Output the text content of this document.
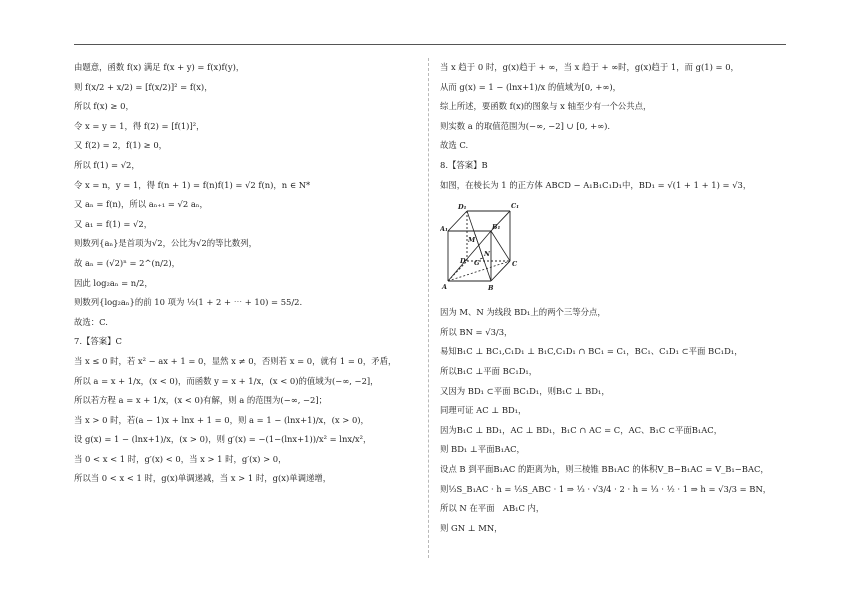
由题意，函数 f(x) 满足 f(x + y) = f(x)f(y)，

则 f(x/2 + x/2) = [f(x/2)]² = f(x)，

所以 f(x) ≥ 0，

令 x = y = 1，得 f(2) = [f(1)]²，

又 f(2) = 2，f(1) ≥ 0，

所以 f(1) = √2，

令 x = n，y = 1，得 f(n + 1) = f(n)f(1) = √2 f(n)，n ∈ N*

又 aₙ = f(n)，所以 aₙ₊₁ = √2 aₙ，

又 a₁ = f(1) = √2，

则数列{aₙ}是首项为√2，公比为√2的等比数列，

故 aₙ = (√2)ⁿ = 2^(n/2)，

因此 log₂aₙ = n/2，

则数列{log₂aₙ}的前 10 项为 ½(1 + 2 + ⋯ + 10) = 55/2.

故选：C.

7.【答案】C

当 x ≤ 0 时，若 x² − ax + 1 = 0，显然 x ≠ 0，否则若 x = 0，就有 1 = 0，矛盾，

所以 a = x + 1/x，(x < 0)，而函数 y = x + 1/x，(x < 0)的值域为(−∞, −2]，

所以若方程 a = x + 1/x，(x < 0)有解，则 a 的范围为(−∞, −2]；

当 x > 0 时，若(a − 1)x + lnx + 1 = 0，则 a = 1 − (lnx+1)/x，(x > 0)，

设 g(x) = 1 − (lnx+1)/x，(x > 0)，则 g′(x) = −(1−(lnx+1))/x² = lnx/x²，

当 0 < x < 1 时，g′(x) < 0，当 x > 1 时，g′(x) > 0，

所以当 0 < x < 1 时，g(x)单调递减，当 x > 1 时，g(x)单调递增，

当 x 趋于 0 时，g(x)趋于 + ∞，当 x 趋于 + ∞时，g(x)趋于 1，而 g(1) = 0，

从而 g(x) = 1 − (lnx+1)/x 的值域为[0, +∞)，

综上所述，要函数 f(x)的图象与 x 轴至少有一个公共点，

则实数 a 的取值范围为(−∞, −2] ∪ [0, +∞).

故选 C.

8.【答案】B

如图，在棱长为 1 的正方体 ABCD − A₁B₁C₁D₁中，BD₁ = √(1 + 1 + 1) = √3，

D₁	C₁
A₁	B₁
M
N
G
D	C
A	B

因为 M、N 为线段 BD₁上的两个三等分点，

所以 BN = √3/3，

易知B₁C ⊥ BC₁,C₁D₁ ⊥ B₁C,C₁D₁ ∩ BC₁ = C₁，BC₁、C₁D₁ ⊂平面 BC₁D₁，

所以B₁C ⊥平面 BC₁D₁，

又因为 BD₁ ⊂平面 BC₁D₁，则B₁C ⊥ BD₁，

同理可证 AC ⊥ BD₁，

因为B₁C ⊥ BD₁，AC ⊥ BD₁，B₁C ∩ AC = C，AC、B₁C ⊂平面B₁AC，

则 BD₁ ⊥平面B₁AC，

设点 B 到平面B₁AC 的距离为h，则三棱锥 BB₁AC 的体积V_B−B₁AC = V_B₁−BAC，

则⅓S_B₁AC · h = ⅓S_ABC · 1 ⇒ ⅓ · √3/4 · 2 · h = ⅓ · ½ · 1 ⇒ h = √3/3 = BN，

所以 N 在平面　AB₁C 内，

则 GN ⊥ MN，
